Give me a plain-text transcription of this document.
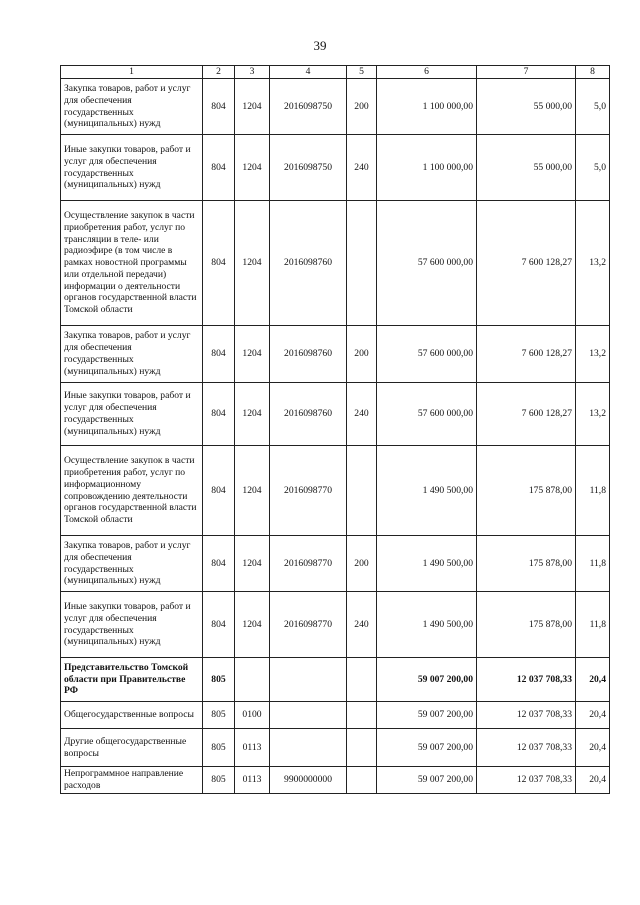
39
1	2	3	4	5	6	7	8
Закупка товаров, работ и услуг для обеспечения государственных (муниципальных) нужд	804	1204	2016098750	200	1 100 000,00	55 000,00	5,0
Иные закупки товаров, работ и услуг для обеспечения государственных (муниципальных) нужд	804	1204	2016098750	240	1 100 000,00	55 000,00	5,0
Осуществление закупок в части приобретения работ, услуг по трансляции в теле- или радиоэфире (в том числе в рамках новостной программы или отдельной передачи) информации о деятельности органов государственной власти Томской области	804	1204	2016098760		57 600 000,00	7 600 128,27	13,2
Закупка товаров, работ и услуг для обеспечения государственных (муниципальных) нужд	804	1204	2016098760	200	57 600 000,00	7 600 128,27	13,2
Иные закупки товаров, работ и услуг для обеспечения государственных (муниципальных) нужд	804	1204	2016098760	240	57 600 000,00	7 600 128,27	13,2
Осуществление закупок в части приобретения работ, услуг по информационному сопровождению деятельности органов государственной власти Томской области	804	1204	2016098770		1 490 500,00	175 878,00	11,8
Закупка товаров, работ и услуг для обеспечения государственных (муниципальных) нужд	804	1204	2016098770	200	1 490 500,00	175 878,00	11,8
Иные закупки товаров, работ и услуг для обеспечения государственных (муниципальных) нужд	804	1204	2016098770	240	1 490 500,00	175 878,00	11,8
Представительство Томской области при Правительстве РФ	805				59 007 200,00	12 037 708,33	20,4
Общегосударственные вопросы	805	0100			59 007 200,00	12 037 708,33	20,4
Другие общегосударственные вопросы	805	0113			59 007 200,00	12 037 708,33	20,4
Непрограммное направление расходов	805	0113	9900000000		59 007 200,00	12 037 708,33	20,4
